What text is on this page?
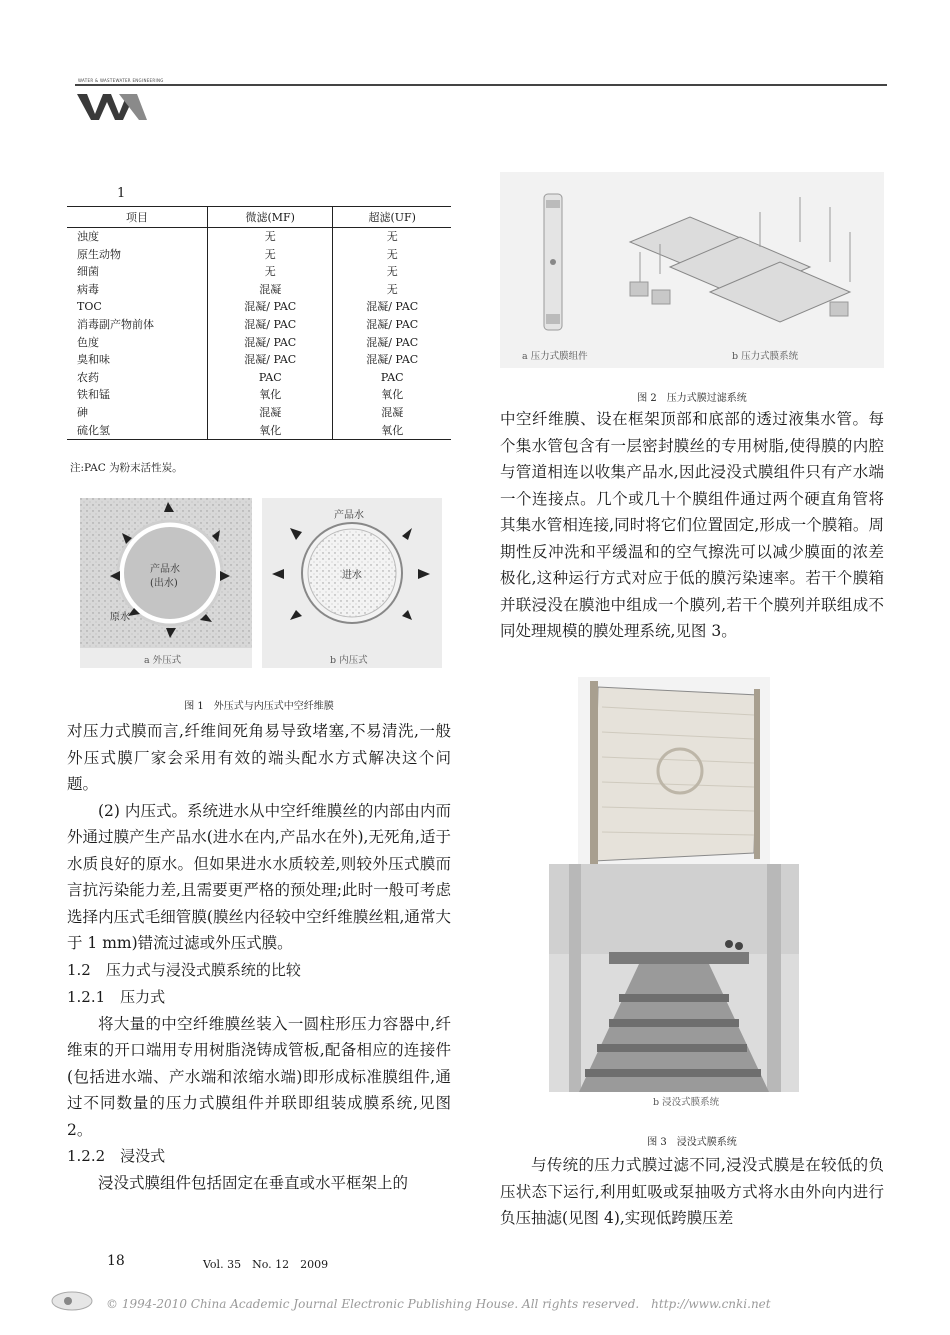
WATER & WASTEWATER ENGINEERING
1
项目	微滤(MF)	超滤(UF)
浊度	无	无
原生动物	无	无
细菌	无	无
病毒	混凝	无
TOC	混凝/ PAC	混凝/ PAC
消毒副产物前体	混凝/ PAC	混凝/ PAC
色度	混凝/ PAC	混凝/ PAC
臭和味	混凝/ PAC	混凝/ PAC
农药	PAC	PAC
铁和锰	氧化	氧化
砷	混凝	混凝
硫化氢	氧化	氧化
注:PAC 为粉末活性炭。
产品水
(出水)
原水
a 外压式
产品水
进水
b 内压式
图 1　外压式与内压式中空纤维膜

对压力式膜而言,纤维间死角易导致堵塞,不易清洗,一般外压式膜厂家会采用有效的端头配水方式解决这个问题。

(2) 内压式。系统进水从中空纤维膜丝的内部由内而外通过膜产生产品水(进水在内,产品水在外),无死角,适于水质良好的原水。但如果进水水质较差,则较外压式膜而言抗污染能力差,且需要更严格的预处理;此时一般可考虑选择内压式毛细管膜(膜丝内径较中空纤维膜丝粗,通常大于 1 mm)错流过滤或外压式膜。

1.2　压力式与浸没式膜系统的比较

1.2.1　压力式

将大量的中空纤维膜丝装入一圆柱形压力容器中,纤维束的开口端用专用树脂浇铸成管板,配备相应的连接件(包括进水端、产水端和浓缩水端)即形成标准膜组件,通过不同数量的压力式膜组件并联即组装成膜系统,见图 2。

1.2.2　浸没式

浸没式膜组件包括固定在垂直或水平框架上的

a 压力式膜组件	b 压力式膜系统
图 2　压力式膜过滤系统

中空纤维膜、设在框架顶部和底部的透过液集水管。每个集水管包含有一层密封膜丝的专用树脂,使得膜的内腔与管道相连以收集产品水,因此浸没式膜组件只有产水端一个连接点。几个或几十个膜组件通过两个硬直角管将其集水管相连接,同时将它们位置固定,形成一个膜箱。周期性反冲洗和平缓温和的空气擦洗可以减少膜面的浓差极化,这种运行方式对应于低的膜污染速率。若干个膜箱并联浸没在膜池中组成一个膜列,若干个膜列并联组成不同处理规模的膜处理系统,见图 3。

b 浸没式膜系统
图 3　浸没式膜系统

与传统的压力式膜过滤不同,浸没式膜是在较低的负压状态下运行,利用虹吸或泵抽吸方式将水由外向内进行负压抽滤(见图 4),实现低跨膜压差

18	Vol. 35　No. 12　2009
© 1994-2010 China Academic Journal Electronic Publishing House. All rights reserved.　http://www.cnki.net
